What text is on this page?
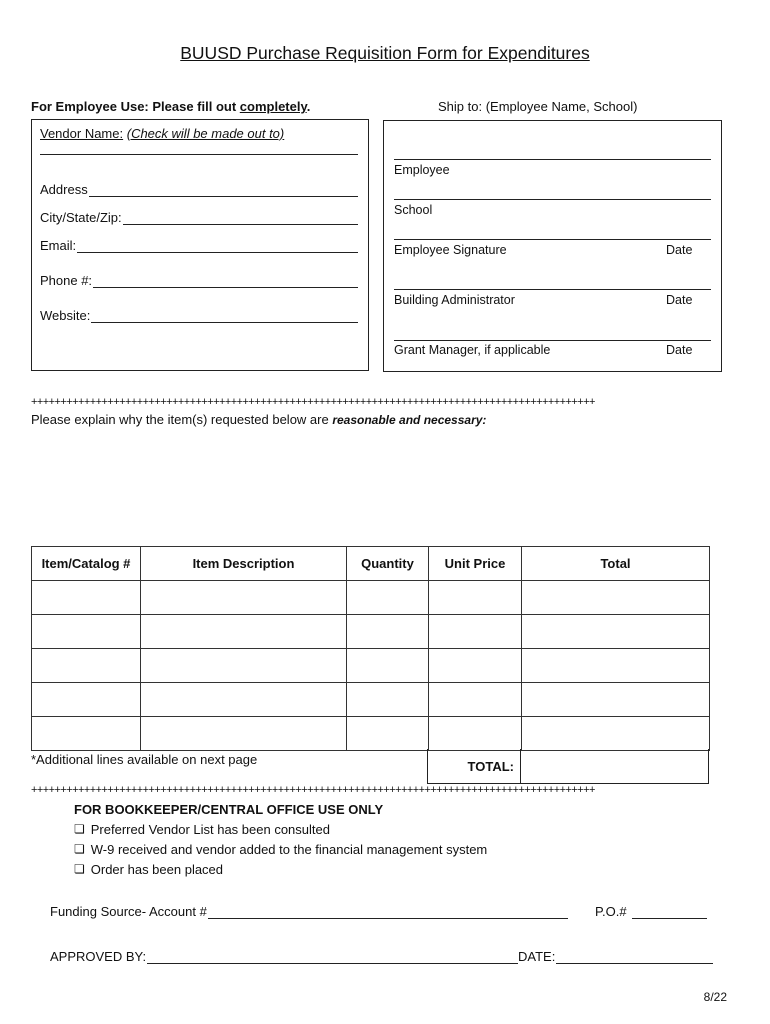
BUUSD Purchase Requisition Form for Expenditures
For Employee Use: Please fill out completely.	Ship to: (Employee Name, School)
Vendor Name: (Check will be made out to)
Address
City/State/Zip:
Email:
Phone #:
Website:
Employee
School
Employee Signature	Date
Building Administrator	Date
Grant Manager, if applicable	Date
++++++++++++++++++++++++++++++++++++++++++++++++++++++++++++++++++++++++++++++++++++++++++++++++
Please explain why the item(s) requested below are reasonable and necessary:
Item/Catalog #	Item Description	Quantity	Unit Price	Total

*Additional lines available on next page	TOTAL:
++++++++++++++++++++++++++++++++++++++++++++++++++++++++++++++++++++++++++++++++++++++++++++++++
FOR BOOKKEEPER/CENTRAL OFFICE USE ONLY
❏ Preferred Vendor List has been consulted
❏ W-9 received and vendor added to the financial management system
❏ Order has been placed
Funding Source- Account #	P.O.#
APPROVED BY:	DATE:
8/22
